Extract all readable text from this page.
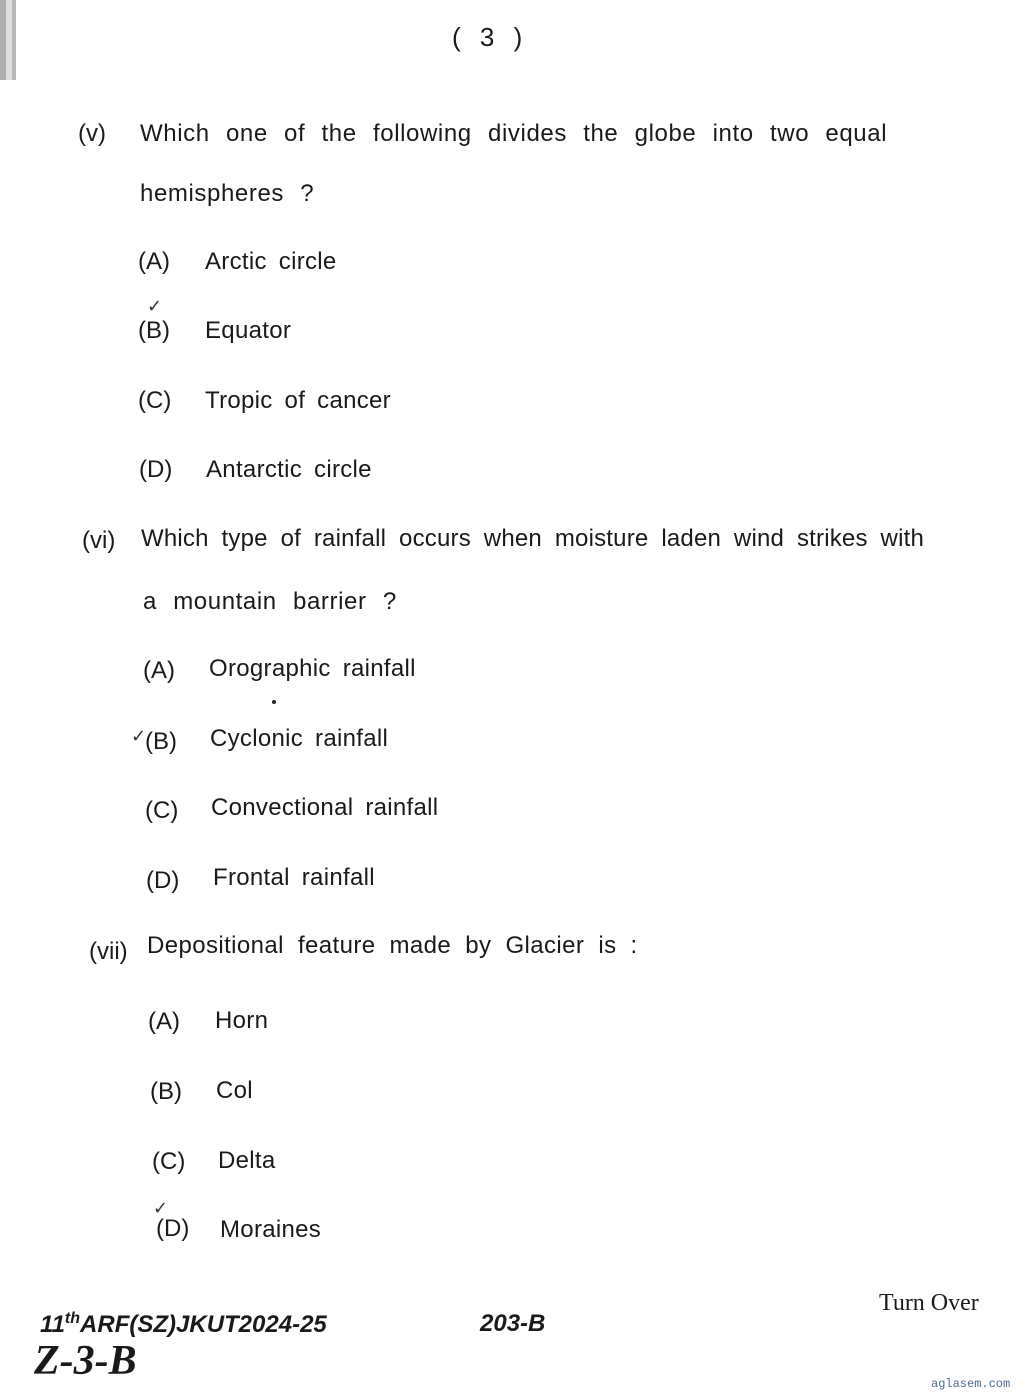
( 3 )
(v) Which one of the following divides the globe into two equal
hemispheres ?
(A) Arctic circle
✓
(B) Equator
(C) Tropic of cancer
(D) Antarctic circle
(vi) Which type of rainfall occurs when moisture laden wind strikes with
a mountain barrier ?
(A) Orographic rainfall
✓
(B) Cyclonic rainfall
(C) Convectional rainfall
(D) Frontal rainfall
(vii) Depositional feature made by Glacier is :
(A) Horn
(B) Col
(C) Delta
✓
(D) Moraines
Turn Over
11thARF(SZ)JKUT2024-25	203-B
Z-3-B	aglasem.com
